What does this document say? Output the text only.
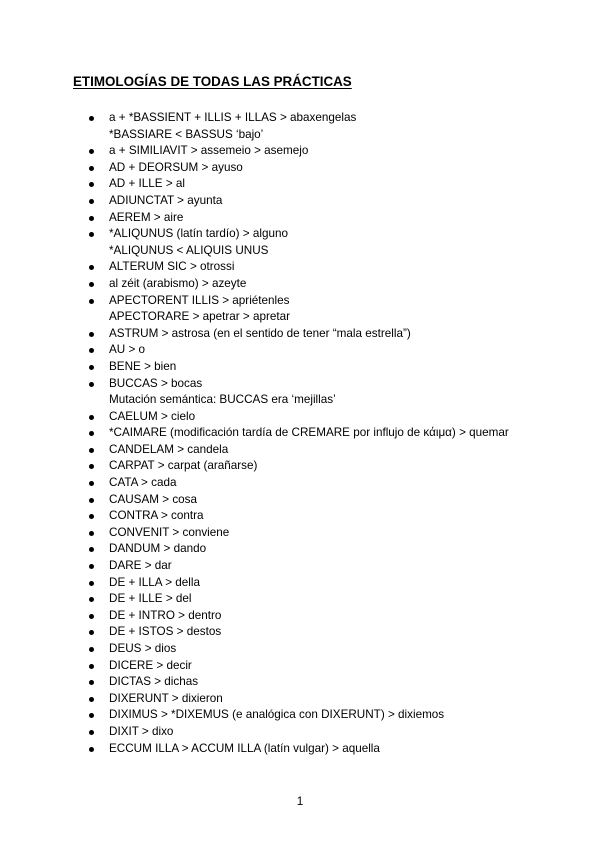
ETIMOLOGÍAS DE TODAS LAS PRÁCTICAS
a + *BASSIENT + ILLIS + ILLAS > abaxengelas
*BASSIARE < BASSUS ‘bajo’
a + SIMILIAVIT > assemeio > asemejo
AD + DEORSUM > ayuso
AD + ILLE > al
ADIUNCTAT > ayunta
AEREM > aire
*ALIQUNUS (latín tardío) > alguno
*ALIQUNUS < ALIQUIS UNUS
ALTERUM SIC > otrossi
al zéit (arabismo) > azeyte
APECTORENT ILLIS > apriétenles
APECTORARE > apetrar > apretar
ASTRUM > astrosa (en el sentido de tener “mala estrella”)
AU > o
BENE > bien
BUCCAS > bocas
Mutación semántica: BUCCAS era ‘mejillas’
CAELUM > cielo
*CAIMARE (modificación tardía de CREMARE por influjo de κάιμα) > quemar
CANDELAM > candela
CARPAT > carpat (arañarse)
CATA > cada
CAUSAM > cosa
CONTRA > contra
CONVENIT > conviene
DANDUM > dando
DARE > dar
DE + ILLA > della
DE + ILLE > del
DE + INTRO > dentro
DE + ISTOS > destos
DEUS > dios
DICERE > decir
DICTAS > dichas
DIXERUNT > dixieron
DIXIMUS > *DIXEMUS (e analógica con DIXERUNT) > dixiemos
DIXIT > dixo
ECCUM ILLA > ACCUM ILLA (latín vulgar) > aquella
1
